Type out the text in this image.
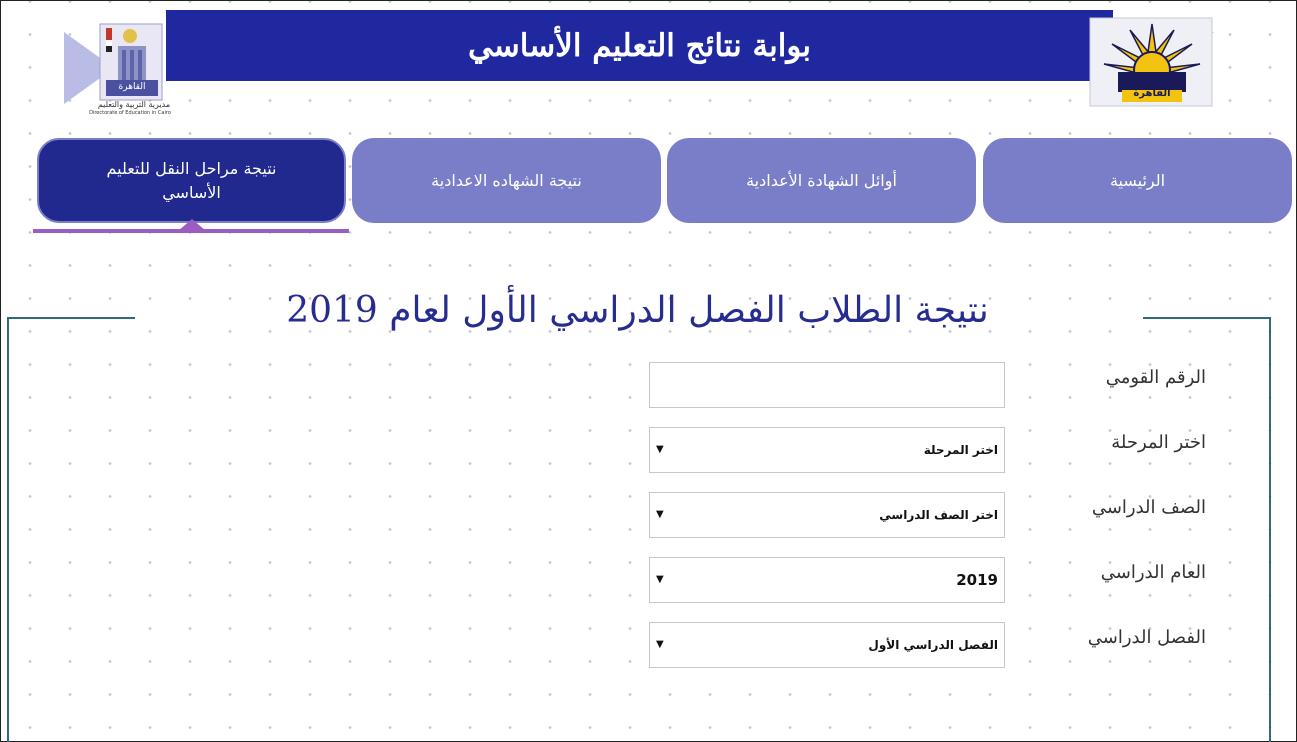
القاهرة
مديرية التربية والتعليم
Directorate of Education in Cairo
بوابة نتائج التعليم الأساسي
القاهرة
الرئيسية
أوائل الشهادة الأعدادية
نتيجة الشهاده الاعدادية
نتيجة مراحل النقل للتعليم الأساسي
نتيجة الطلاب الفصل الدراسي الأول لعام 2019
الرقم القومي
اختر المرحلة
اختر المرحلة
▼
الصف الدراسي
اختر الصف الدراسي
▼
العام الدراسي
2019
▼
الفصل الدراسي
الفصل الدراسي الأول
▼
